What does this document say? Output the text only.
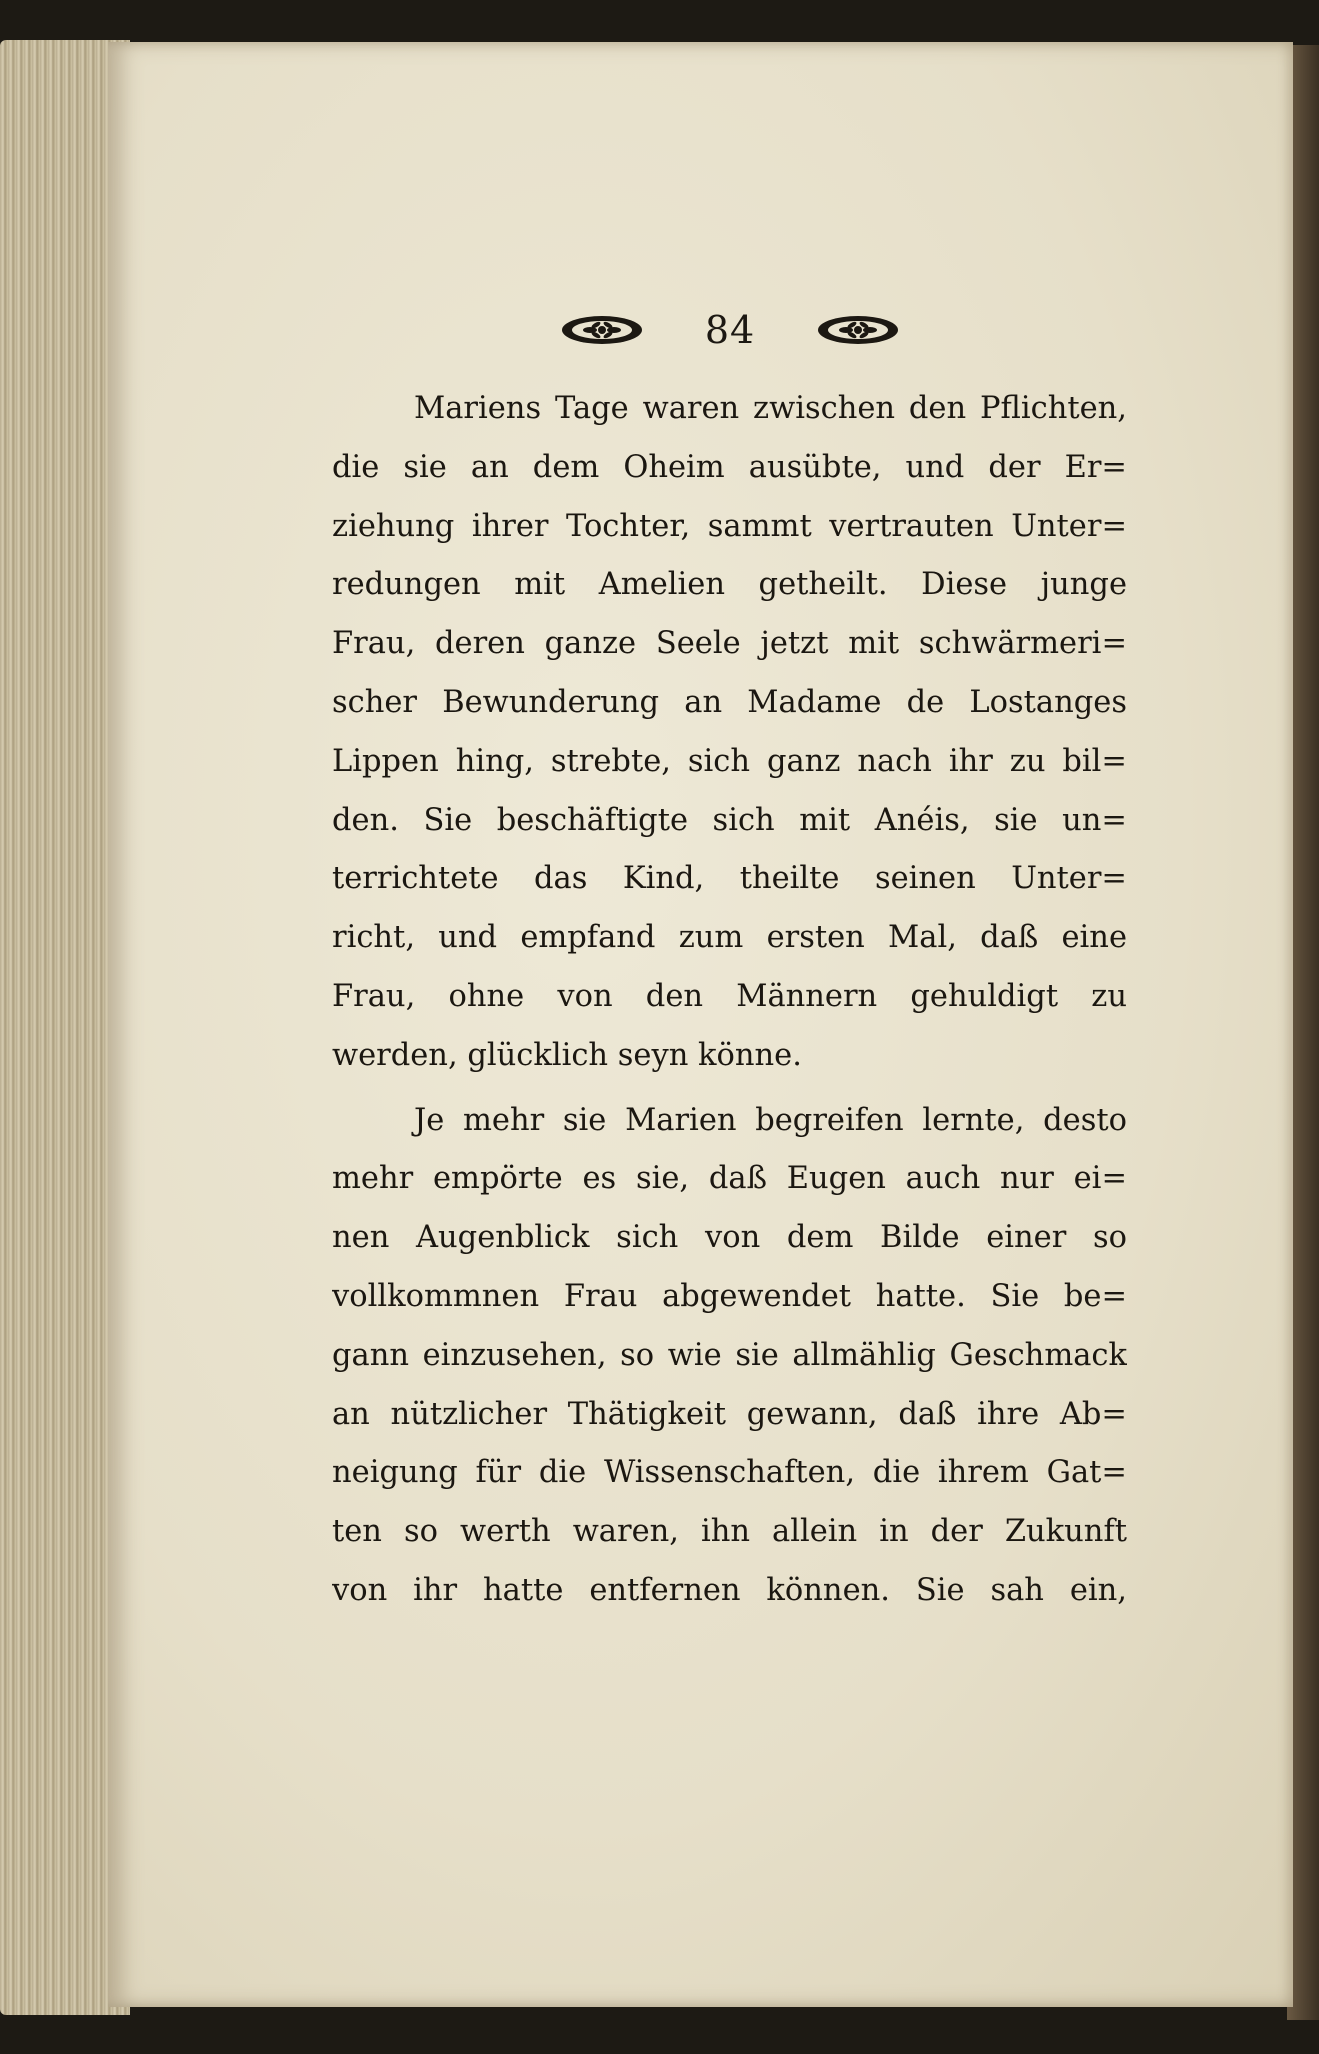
84
Mariens Tage waren zwischen den Pflichten,
die sie an dem Oheim ausübte, und der Er=
ziehung ihrer Tochter, sammt vertrauten Unter=
redungen mit Amelien getheilt. Diese junge
Frau, deren ganze Seele jetzt mit schwärmeri=
scher Bewunderung an Madame de Lostanges
Lippen hing, strebte, sich ganz nach ihr zu bil=
den. Sie beschäftigte sich mit Anéis, sie un=
terrichtete das Kind, theilte seinen Unter=
richt, und empfand zum ersten Mal, daß eine
Frau, ohne von den Männern gehuldigt zu
werden, glücklich seyn könne.
Je mehr sie Marien begreifen lernte, desto
mehr empörte es sie, daß Eugen auch nur ei=
nen Augenblick sich von dem Bilde einer so
vollkommnen Frau abgewendet hatte. Sie be=
gann einzusehen, so wie sie allmählig Geschmack
an nützlicher Thätigkeit gewann, daß ihre Ab=
neigung für die Wissenschaften, die ihrem Gat=
ten so werth waren, ihn allein in der Zukunft
von ihr hatte entfernen können. Sie sah ein,
